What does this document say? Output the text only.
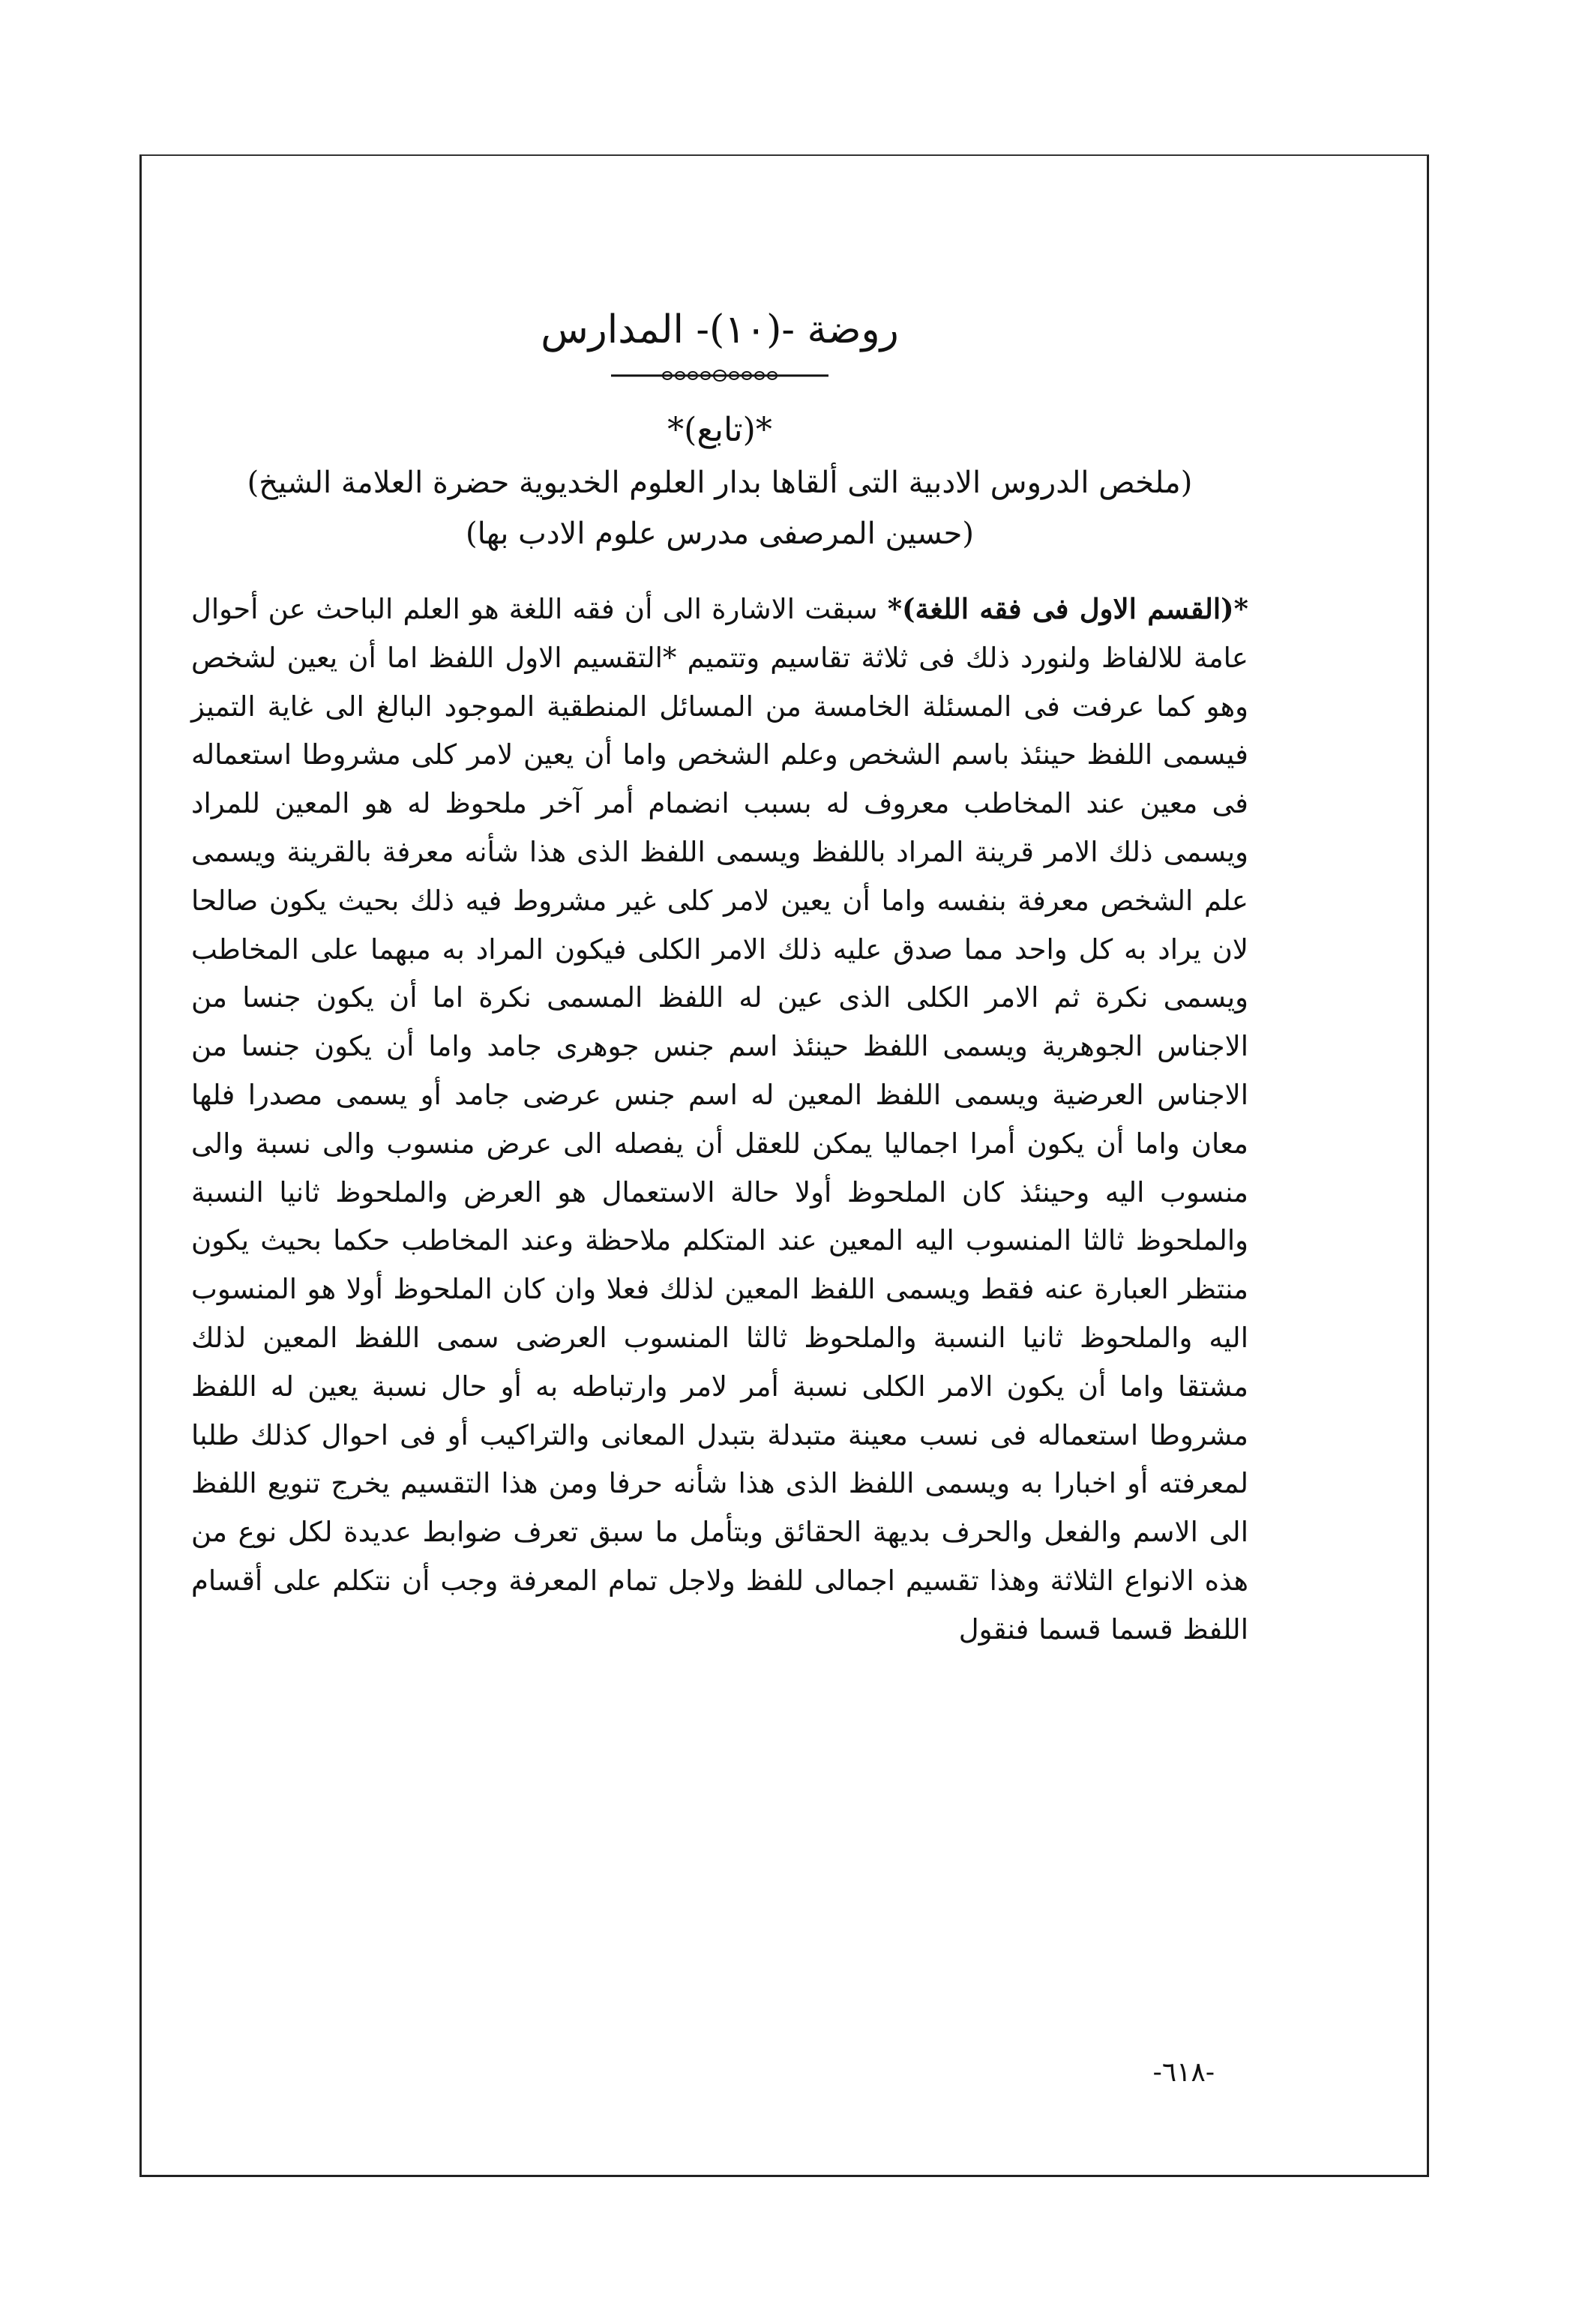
روضة -(١٠)- المدارس

*(تابع)*

(ملخص الدروس الادبية التى ألقاها بدار العلوم الخديوية حضرة العلامة الشيخ)

(حسين المرصفى مدرس علوم الادب بها)

*(القسم الاول فى فقه اللغة)* سبقت الاشارة الى أن فقه اللغة هو العلم الباحث عن أحوال عامة للالفاظ ولنورد ذلك فى ثلاثة تقاسيم وتتميم *التقسيم الاول اللفظ اما أن يعين لشخص وهو كما عرفت فى المسئلة الخامسة من المسائل المنطقية الموجود البالغ الى غاية التميز فيسمى اللفظ حينئذ باسم الشخص وعلم الشخص واما أن يعين لامر كلى مشروطا استعماله فى معين عند المخاطب معروف له بسبب انضمام أمر آخر ملحوظ له هو المعين للمراد ويسمى ذلك الامر قرينة المراد باللفظ ويسمى اللفظ الذى هذا شأنه معرفة بالقرينة ويسمى علم الشخص معرفة بنفسه واما أن يعين لامر كلى غير مشروط فيه ذلك بحيث يكون صالحا لان يراد به كل واحد مما صدق عليه ذلك الامر الكلى فيكون المراد به مبهما على المخاطب ويسمى نكرة ثم الامر الكلى الذى عين له اللفظ المسمى نكرة اما أن يكون جنسا من الاجناس الجوهرية ويسمى اللفظ حينئذ اسم جنس جوهرى جامد واما أن يكون جنسا من الاجناس العرضية ويسمى اللفظ المعين له اسم جنس عرضى جامد أو يسمى مصدرا فلها معان واما أن يكون أمرا اجماليا يمكن للعقل أن يفصله الى عرض منسوب والى نسبة والى منسوب اليه وحينئذ كان الملحوظ أولا حالة الاستعمال هو العرض والملحوظ ثانيا النسبة والملحوظ ثالثا المنسوب اليه المعين عند المتكلم ملاحظة وعند المخاطب حكما بحيث يكون منتظر العبارة عنه فقط ويسمى اللفظ المعين لذلك فعلا وان كان الملحوظ أولا هو المنسوب اليه والملحوظ ثانيا النسبة والملحوظ ثالثا المنسوب العرضى سمى اللفظ المعين لذلك مشتقا واما أن يكون الامر الكلى نسبة أمر لامر وارتباطه به أو حال نسبة يعين له اللفظ مشروطا استعماله فى نسب معينة متبدلة بتبدل المعانى والتراكيب أو فى احوال كذلك طلبا لمعرفته أو اخبارا به ويسمى اللفظ الذى هذا شأنه حرفا ومن هذا التقسيم يخرج تنويع اللفظ الى الاسم والفعل والحرف بديهة الحقائق وبتأمل ما سبق تعرف ضوابط عديدة لكل نوع من هذه الانواع الثلاثة وهذا تقسيم اجمالى للفظ ولاجل تمام المعرفة وجب أن نتكلم على أقسام اللفظ قسما قسما فنقول
-٦١٨-
